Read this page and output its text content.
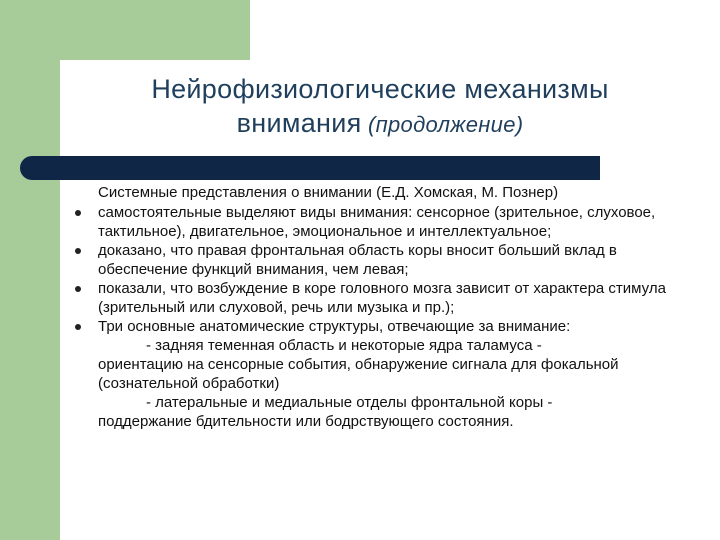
Нейрофизиологические механизмы
внимания (продолжение)
Системные представления о внимании (Е.Д. Хомская, М. Познер)
самостоятельные выделяют виды внимания: сенсорное (зрительное, слуховое, тактильное), двигательное, эмоциональное и интеллектуальное;
доказано, что правая фронтальная область коры вносит больший вклад в обеспечение функций внимания, чем левая;
показали, что возбуждение в коре головного мозга зависит от характера стимула (зрительный или слуховой, речь или музыка и пр.);
Три основные анатомические структуры, отвечающие за внимание:
- задняя теменная область и некоторые ядра таламуса -
ориентацию на сенсорные события, обнаружение сигнала для фокальной (сознательной обработки)
- латеральные и медиальные отделы фронтальной коры -
поддержание бдительности или бодрствующего состояния.
